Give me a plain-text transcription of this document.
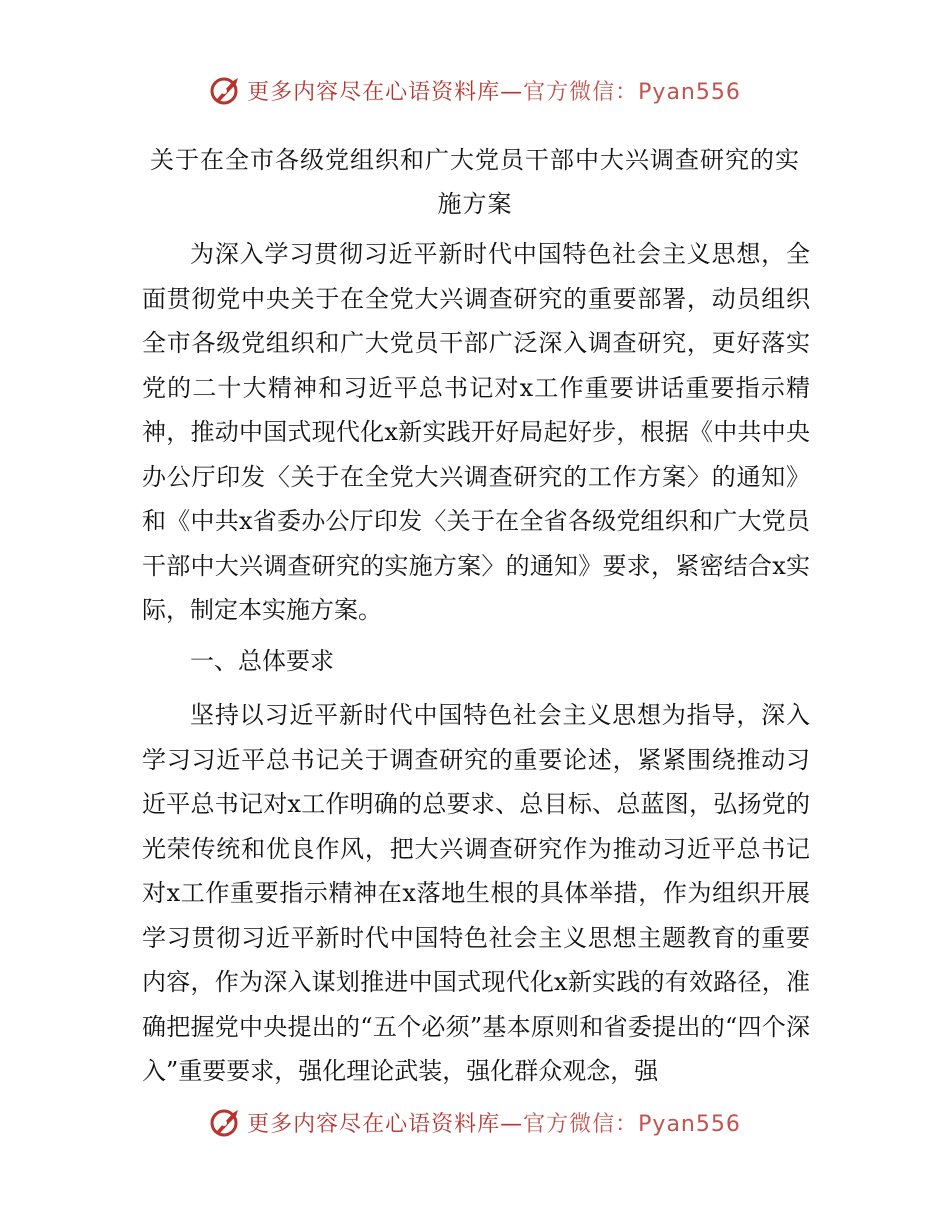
更多内容尽在心语资料库—官方微信：Pyan556
关于在全市各级党组织和广大党员干部中大兴调查研究的实施方案

为深入学习贯彻习近平新时代中国特色社会主义思想，全面贯彻党中央关于在全党大兴调查研究的重要部署，动员组织全市各级党组织和广大党员干部广泛深入调查研究，更好落实党的二十大精神和习近平总书记对x工作重要讲话重要指示精神，推动中国式现代化x新实践开好局起好步，根据《中共中央办公厅印发〈关于在全党大兴调查研究的工作方案〉的通知》和《中共x省委办公厅印发〈关于在全省各级党组织和广大党员干部中大兴调查研究的实施方案〉的通知》要求，紧密结合x实际，制定本实施方案。

一、总体要求

坚持以习近平新时代中国特色社会主义思想为指导，深入学习习近平总书记关于调查研究的重要论述，紧紧围绕推动习近平总书记对x工作明确的总要求、总目标、总蓝图，弘扬党的光荣传统和优良作风，把大兴调查研究作为推动习近平总书记对x工作重要指示精神在x落地生根的具体举措，作为组织开展学习贯彻习近平新时代中国特色社会主义思想主题教育的重要内容，作为深入谋划推进中国式现代化x新实践的有效路径，准确把握党中央提出的“五个必须”基本原则和省委提出的“四个深入”重要要求，强化理论武装，强化群众观念，强

更多内容尽在心语资料库—官方微信：Pyan556
